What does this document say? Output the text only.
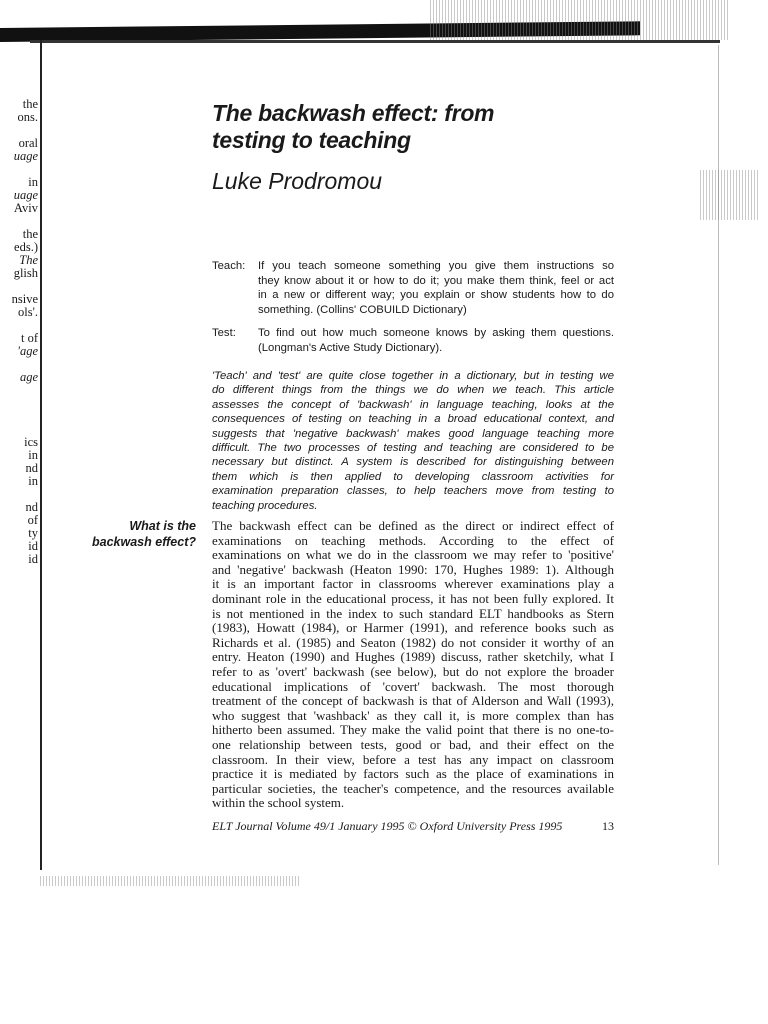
the
ons.
oral
uage
in
uage
Aviv
the
eds.)
The
glish
nsive
ols'.
t of
'age
age
ics
in
nd
in
nd
of
ty
id
id
The backwash effect: from
testing to teaching
Luke Prodromou
Teach:	If you teach someone something you give them instructions so
they know about it or how to do it; you make them think, feel or act
in a new or different way; you explain or show students how to do
something. (Collins' COBUILD Dictionary)
Test:	To find out how much someone knows by asking them questions.
(Longman's Active Study Dictionary).
'Teach' and 'test' are quite close together in a dictionary, but in testing we
do different things from the things we do when we teach. This article
assesses the concept of 'backwash' in language teaching, looks at the
consequences of testing on teaching in a broad educational context, and
suggests that 'negative backwash' makes good language teaching more
difficult. The two processes of testing and teaching are considered to be
necessary but distinct. A system is described for distinguishing between
them which is then applied to developing classroom activities for
examination preparation classes, to help teachers move from testing to
teaching procedures.
What is the
backwash effect?
The backwash effect can be defined as the direct or indirect effect of
examinations on teaching methods. According to the effect of
examinations on what we do in the classroom we may refer to 'positive'
and 'negative' backwash (Heaton 1990: 170, Hughes 1989: 1). Although
it is an important factor in classrooms wherever examinations play a
dominant role in the educational process, it has not been fully explored. It
is not mentioned in the index to such standard ELT handbooks as Stern
(1983), Howatt (1984), or Harmer (1991), and reference books such as
Richards et al. (1985) and Seaton (1982) do not consider it worthy of an
entry. Heaton (1990) and Hughes (1989) discuss, rather sketchily, what I
refer to as 'overt' backwash (see below), but do not explore the broader
educational implications of 'covert' backwash. The most thorough
treatment of the concept of backwash is that of Alderson and Wall (1993),
who suggest that 'washback' as they call it, is more complex than has
hitherto been assumed. They make the valid point that there is no one-to-
one relationship between tests, good or bad, and their effect on the
classroom. In their view, before a test has any impact on classroom
practice it is mediated by factors such as the place of examinations in
particular societies, the teacher's competence, and the resources available
within the school system.
ELT Journal Volume 49/1 January 1995 © Oxford University Press 1995	13
